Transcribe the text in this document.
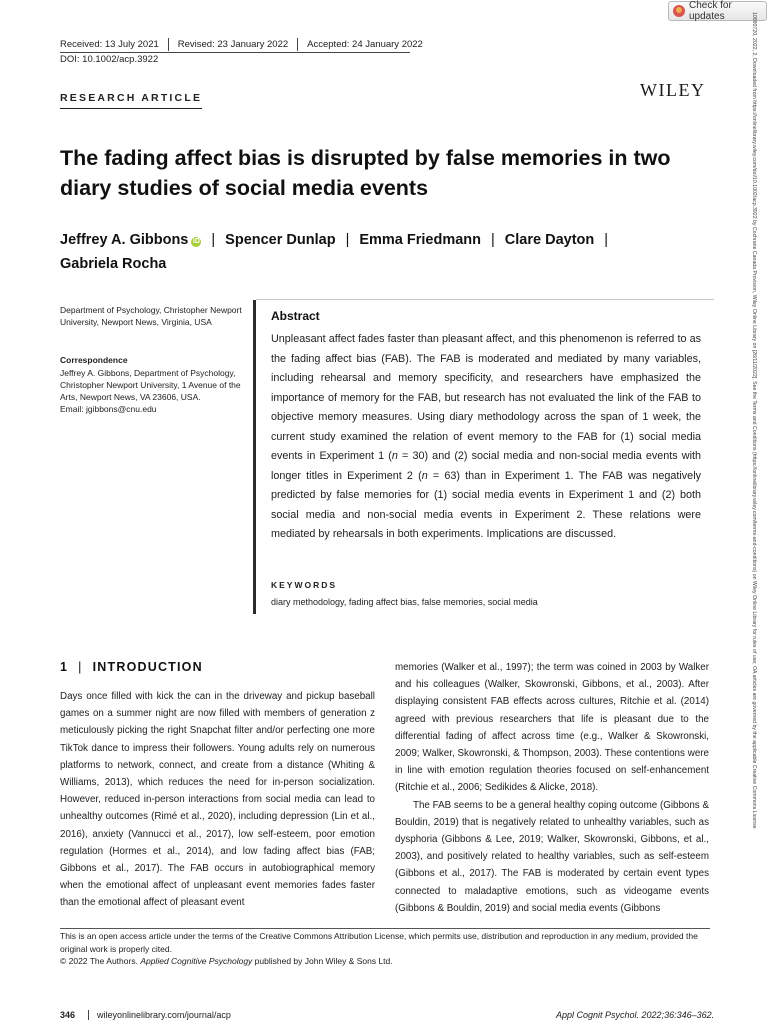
Check for updates
Received: 13 July 2021	Revised: 23 January 2022	Accepted: 24 January 2022
DOI: 10.1002/acp.3922
RESEARCH ARTICLE	WILEY
The fading affect bias is disrupted by false memories in two diary studies of social media events
Jeffrey A. Gibbons iD | Spencer Dunlap | Emma Friedmann | Clare Dayton |
Gabriela Rocha
Department of Psychology, Christopher Newport University, Newport News, Virginia, USA
Correspondence
Jeffrey A. Gibbons, Department of Psychology, Christopher Newport University, 1 Avenue of the Arts, Newport News, VA 23606, USA.
Email: jgibbons@cnu.edu
Abstract
Unpleasant affect fades faster than pleasant affect, and this phenomenon is referred to as the fading affect bias (FAB). The FAB is moderated and mediated by many variables, including rehearsal and memory specificity, and researchers have emphasized the importance of memory for the FAB, but research has not evaluated the link of the FAB to objective memory measures. Using diary methodology across the span of 1 week, the current study examined the relation of event memory to the FAB for (1) social media events in Experiment 1 (n = 30) and (2) social media and non-social media events with longer titles in Experiment 2 (n = 63) than in Experiment 1. The FAB was negatively predicted by false memories for (1) social media events in Experiment 1 and (2) both social media and non-social media events in Experiment 2. These relations were mediated by rehearsals in both experiments. Implications are discussed.
KEYWORDS
diary methodology, fading affect bias, false memories, social media
1 | INTRODUCTION

Days once filled with kick the can in the driveway and pickup baseball games on a summer night are now filled with members of generation z meticulously picking the right Snapchat filter and/or perfecting one more TikTok dance to impress their followers. Young adults rely on numerous platforms to network, connect, and create from a distance (Whiting & Williams, 2013), which reduces the need for in-person socialization. However, reduced in-person interactions from social media can lead to unhealthy outcomes (Rimé et al., 2020), including depression (Lin et al., 2016), anxiety (Vannucci et al., 2017), low self-esteem, poor emotion regulation (Hormes et al., 2014), and low fading affect bias (FAB; Gibbons et al., 2017). The FAB occurs in autobiographical memory when the emotional affect of unpleasant event memories fades faster than the emotional affect of pleasant event

memories (Walker et al., 1997); the term was coined in 2003 by Walker and his colleagues (Walker, Skowronski, Gibbons, et al., 2003). After displaying consistent FAB effects across cultures, Ritchie et al. (2014) agreed with previous researchers that life is pleasant due to the differential fading of affect across time (e.g., Walker & Skowronski, 2009; Walker, Skowronski, & Thompson, 2003). These contentions were in line with emotion regulation theories focused on self-enhancement (Ritchie et al., 2006; Sedikides & Alicke, 2018).

The FAB seems to be a general healthy coping outcome (Gibbons & Bouldin, 2019) that is negatively related to unhealthy variables, such as dysphoria (Gibbons & Lee, 2019; Walker, Skowronski, Gibbons, et al., 2003), and positively related to healthy variables, such as self-esteem (Gibbons et al., 2017). The FAB is moderated by certain event types connected to maladaptive emotions, such as videogame events (Gibbons & Bouldin, 2019) and social media events (Gibbons

This is an open access article under the terms of the Creative Commons Attribution License, which permits use, distribution and reproduction in any medium, provided the original work is properly cited.
© 2022 The Authors. Applied Cognitive Psychology published by John Wiley & Sons Ltd.
346	wileyonlinelibrary.com/journal/acp	Appl Cognit Psychol. 2022;36:346–362.
10990720, 2022, 2, Downloaded from https://onlinelibrary.wiley.com/doi/10.1002/acp.3922 by Cochrane Canada Provision, Wiley Online Library on [26/11/2022]. See the Terms and Conditions (https://onlinelibrary.wiley.com/terms-and-conditions) on Wiley Online Library for rules of use; OA articles are governed by the applicable Creative Commons License
